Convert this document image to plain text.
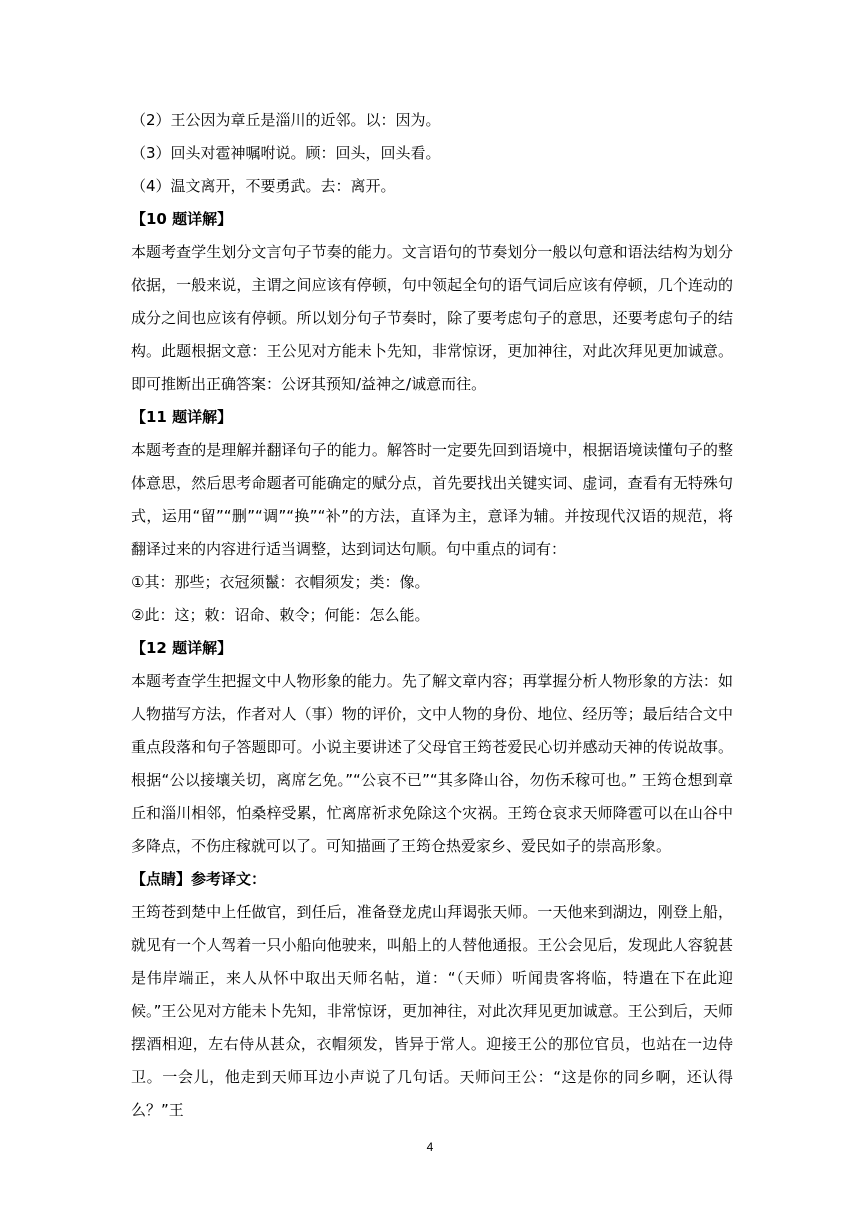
（2）王公因为章丘是淄川的近邻。以：因为。
（3）回头对雹神嘱咐说。顾：回头，回头看。
（4）温文离开，不要勇武。去：离开。
【10 题详解】
本题考查学生划分文言句子节奏的能力。文言语句的节奏划分一般以句意和语法结构为划分依据，一般来说，主谓之间应该有停顿，句中领起全句的语气词后应该有停顿，几个连动的成分之间也应该有停顿。所以划分句子节奏时，除了要考虑句子的意思，还要考虑句子的结构。此题根据文意：王公见对方能未卜先知，非常惊讶，更加神往，对此次拜见更加诚意。即可推断出正确答案：公讶其预知/益神之/诚意而往。
【11 题详解】
本题考查的是理解并翻译句子的能力。解答时一定要先回到语境中，根据语境读懂句子的整体意思，然后思考命题者可能确定的赋分点，首先要找出关键实词、虚词，查看有无特殊句式，运用“留”“删”“调”“换”“补”的方法，直译为主，意译为辅。并按现代汉语的规范，将翻译过来的内容进行适当调整，达到词达句顺。句中重点的词有：
①其：那些；衣冠须鬣：衣帽须发；类：像。
②此：这；敕：诏命、敕令；何能：怎么能。
【12 题详解】
本题考查学生把握文中人物形象的能力。先了解文章内容；再掌握分析人物形象的方法：如人物描写方法，作者对人（事）物的评价，文中人物的身份、地位、经历等；最后结合文中重点段落和句子答题即可。小说主要讲述了父母官王筠苍爱民心切并感动天神的传说故事。根据“公以接壤关切，离席乞免。”“公哀不已”“其多降山谷，勿伤禾稼可也。” 王筠仓想到章丘和淄川相邻，怕桑梓受累，忙离席祈求免除这个灾祸。王筠仓哀求天师降雹可以在山谷中多降点，不伤庄稼就可以了。可知描画了王筠仓热爱家乡、爱民如子的崇高形象。
【点睛】参考译文：
王筠苍到楚中上任做官，到任后，准备登龙虎山拜谒张天师。一天他来到湖边，刚登上船，就见有一个人驾着一只小船向他驶来，叫船上的人替他通报。王公会见后，发现此人容貌甚是伟岸端正，来人从怀中取出天师名帖，道：“（天师）听闻贵客将临，特遣在下在此迎候。”王公见对方能未卜先知，非常惊讶，更加神往，对此次拜见更加诚意。王公到后，天师摆酒相迎，左右侍从甚众，衣帽须发，皆异于常人。迎接王公的那位官员，也站在一边侍卫。一会儿，他走到天师耳边小声说了几句话。天师问王公：“这是你的同乡啊，还认得么？”王
4
